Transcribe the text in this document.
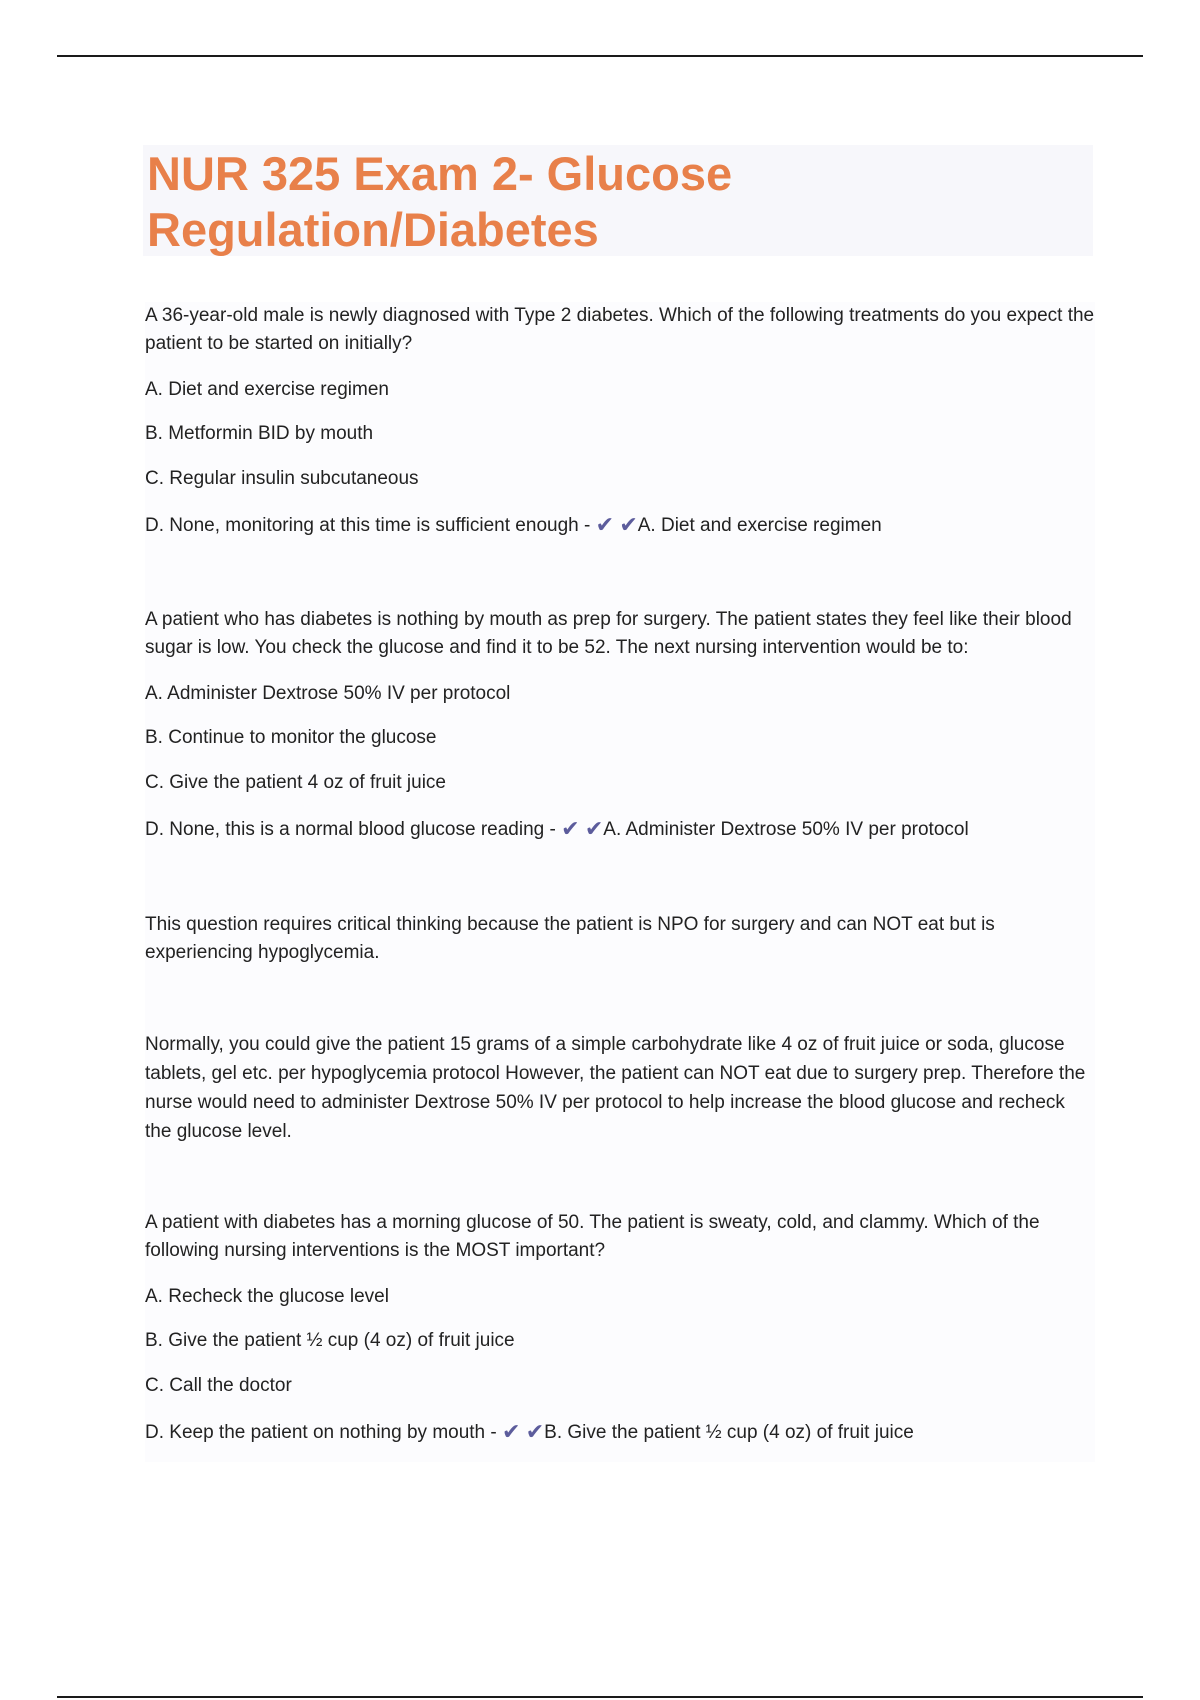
NUR 325 Exam 2- Glucose Regulation/Diabetes

A 36-year-old male is newly diagnosed with Type 2 diabetes. Which of the following treatments do you expect the patient to be started on initially?

A. Diet and exercise regimen

B. Metformin BID by mouth

C. Regular insulin subcutaneous

D. None, monitoring at this time is sufficient enough - ✔ ✔A. Diet and exercise regimen

A patient who has diabetes is nothing by mouth as prep for surgery. The patient states they feel like their blood sugar is low. You check the glucose and find it to be 52. The next nursing intervention would be to:

A. Administer Dextrose 50% IV per protocol

B. Continue to monitor the glucose

C. Give the patient 4 oz of fruit juice

D. None, this is a normal blood glucose reading - ✔ ✔A. Administer Dextrose 50% IV per protocol

This question requires critical thinking because the patient is NPO for surgery and can NOT eat but is experiencing hypoglycemia.

Normally, you could give the patient 15 grams of a simple carbohydrate like 4 oz of fruit juice or soda, glucose tablets, gel etc. per hypoglycemia protocol However, the patient can NOT eat due to surgery prep. Therefore the nurse would need to administer Dextrose 50% IV per protocol to help increase the blood glucose and recheck the glucose level.

A patient with diabetes has a morning glucose of 50. The patient is sweaty, cold, and clammy. Which of the following nursing interventions is the MOST important?

A. Recheck the glucose level

B. Give the patient ½ cup (4 oz) of fruit juice

C. Call the doctor

D. Keep the patient on nothing by mouth - ✔ ✔B. Give the patient ½ cup (4 oz) of fruit juice
